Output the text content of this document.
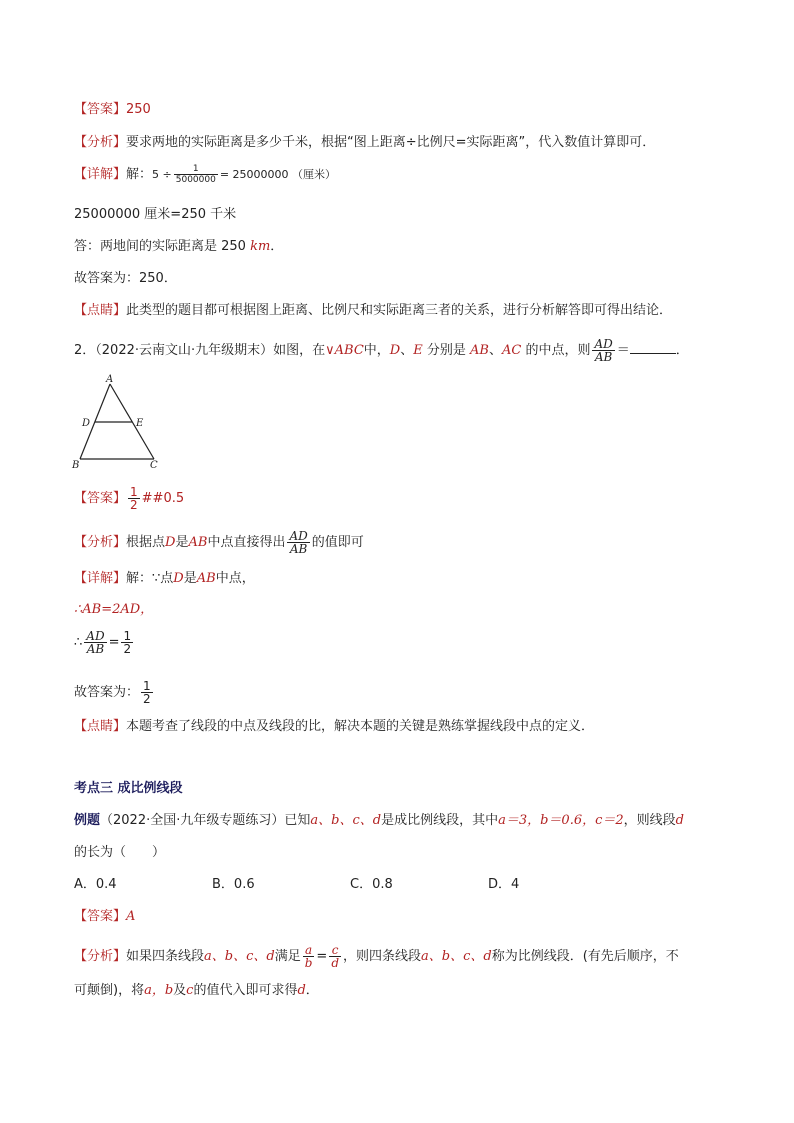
【答案】250
【分析】要求两地的实际距离是多少千米，根据“图上距离÷比例尺=实际距离”，代入数值计算即可．
【详解】解：$5 \div \frac{1}{5000000} = 25000000$ （厘米）
25000000 厘米=250 千米
答：两地间的实际距离是 250 km．
故答案为：250．
【点睛】此类型的题目都可根据图上距离、比例尺和实际距离三者的关系，进行分析解答即可得出结论．
2．（2022·云南文山·九年级期末）如图，在∨ABC中，D、E 分别是 AB、AC 的中点，则 $\frac{AD}{AB}$ ＝	．
A
D	E
B	C
【答案】 $\frac{1}{2}$ ##0.5
【分析】根据点D是AB中点直接得出 $\frac{AD}{AB}$ 的值即可
【详解】解：∵点D是AB中点，
∴AB=2AD，
∴ $\frac{AD}{AB} = \frac{1}{2}$
故答案为： $\frac{1}{2}$
【点睛】本题考查了线段的中点及线段的比，解决本题的关键是熟练掌握线段中点的定义．
考点三 成比例线段
例题（2022·全国·九年级专题练习）已知a、b、c、d是成比例线段，其中a＝3，b＝0.6，c＝2，则线段d
的长为（　　）
A．0.4	B．0.6	C．0.8	D．4
【答案】A
【分析】如果四条线段a、b、c、d满足 $\frac{a}{b} = \frac{c}{d}$ ，则四条线段a、b、c、d称为比例线段．(有先后顺序，不
可颠倒)，将a，b及c的值代入即可求得d．
